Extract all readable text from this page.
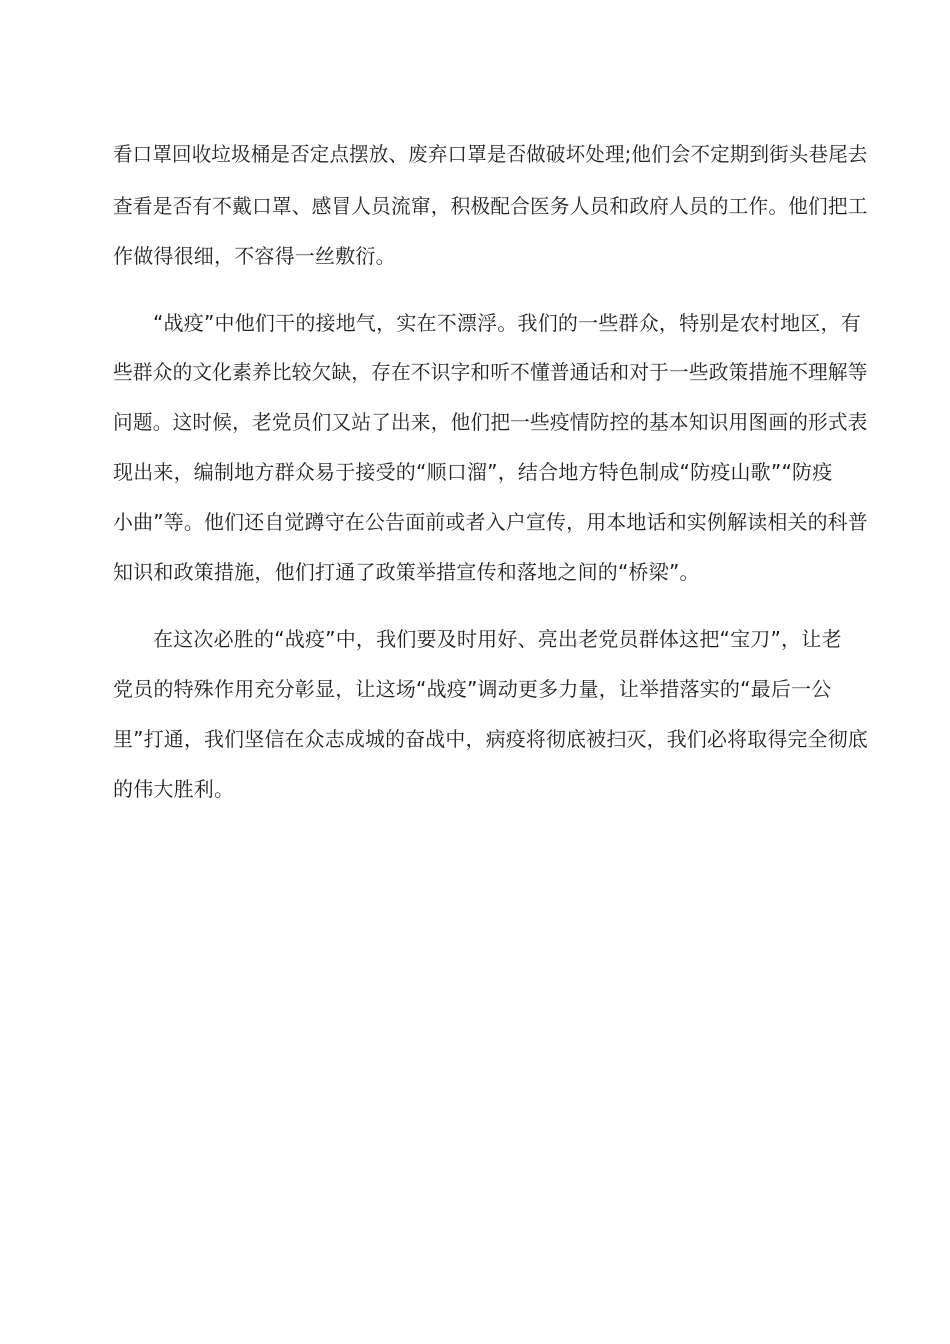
看口罩回收垃圾桶是否定点摆放、废弃口罩是否做破坏处理;他们会不定期到街头巷尾去
查看是否有不戴口罩、感冒人员流窜，积极配合医务人员和政府人员的工作。他们把工
作做得很细，不容得一丝敷衍。
“战疫”中他们干的接地气，实在不漂浮。我们的一些群众，特别是农村地区，有
些群众的文化素养比较欠缺，存在不识字和听不懂普通话和对于一些政策措施不理解等
问题。这时候，老党员们又站了出来，他们把一些疫情防控的基本知识用图画的形式表
现出来，编制地方群众易于接受的“顺口溜”，结合地方特色制成“防疫山歌”“防疫
小曲”等。他们还自觉蹲守在公告面前或者入户宣传，用本地话和实例解读相关的科普
知识和政策措施，他们打通了政策举措宣传和落地之间的“桥梁”。
在这次必胜的“战疫”中，我们要及时用好、亮出老党员群体这把“宝刀”，让老
党员的特殊作用充分彰显，让这场“战疫”调动更多力量，让举措落实的“最后一公
里”打通，我们坚信在众志成城的奋战中，病疫将彻底被扫灭，我们必将取得完全彻底
的伟大胜利。
